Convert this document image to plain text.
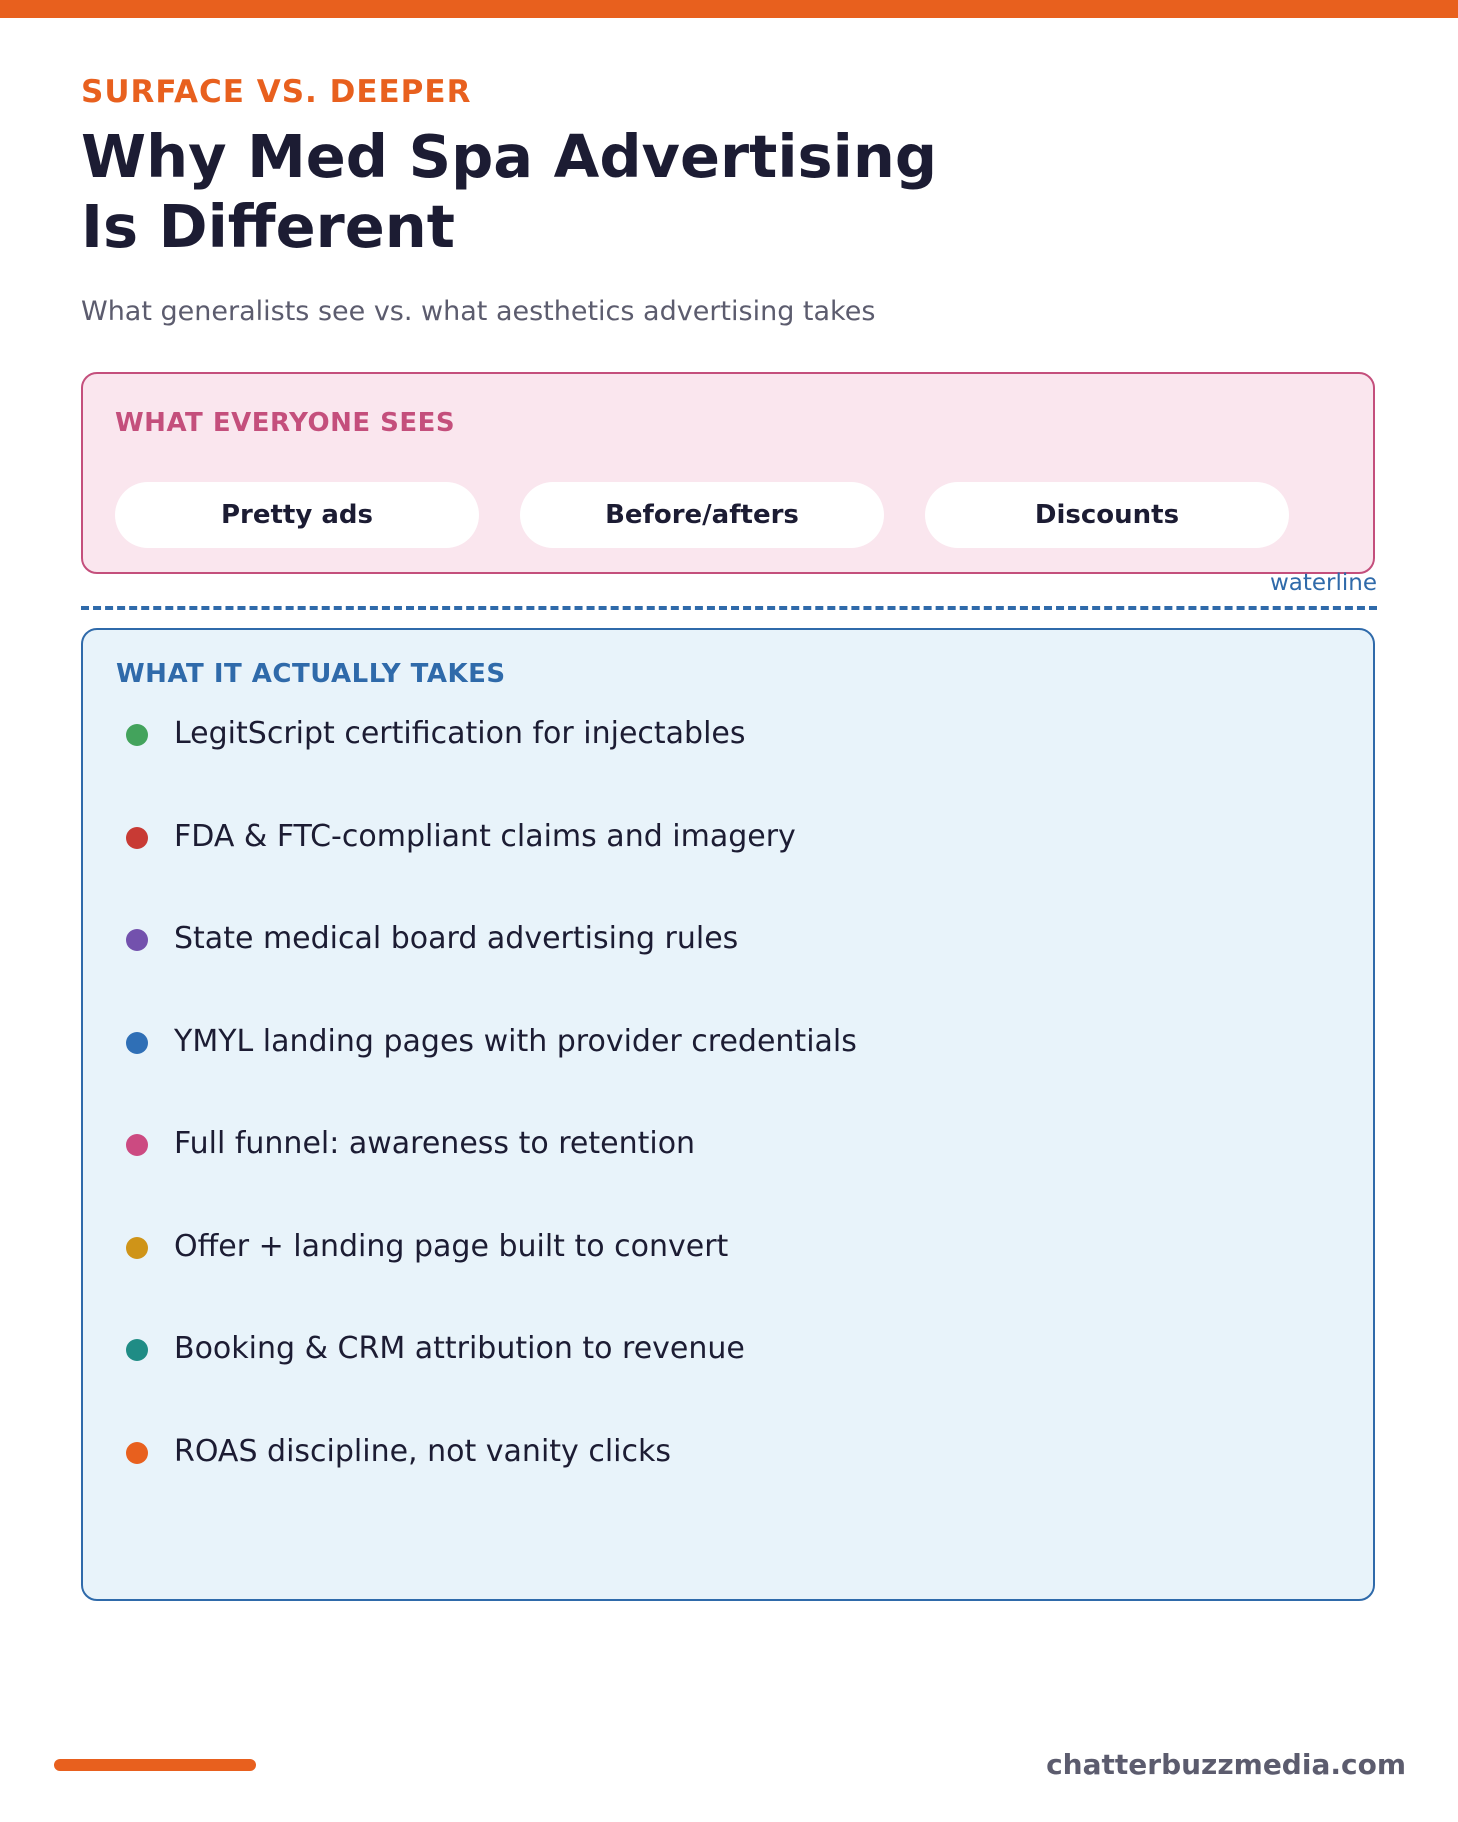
SURFACE VS. DEEPER

Why Med Spa Advertising
Is Different

What generalists see vs. what aesthetics advertising takes

WHAT EVERYONE SEES
Pretty ads	Before/afters	Discounts
waterline
WHAT IT ACTUALLY TAKES
LegitScript certification for injectables
FDA & FTC-compliant claims and imagery
State medical board advertising rules
YMYL landing pages with provider credentials
Full funnel: awareness to retention
Offer + landing page built to convert
Booking & CRM attribution to revenue
ROAS discipline, not vanity clicks
chatterbuzzmedia.com
